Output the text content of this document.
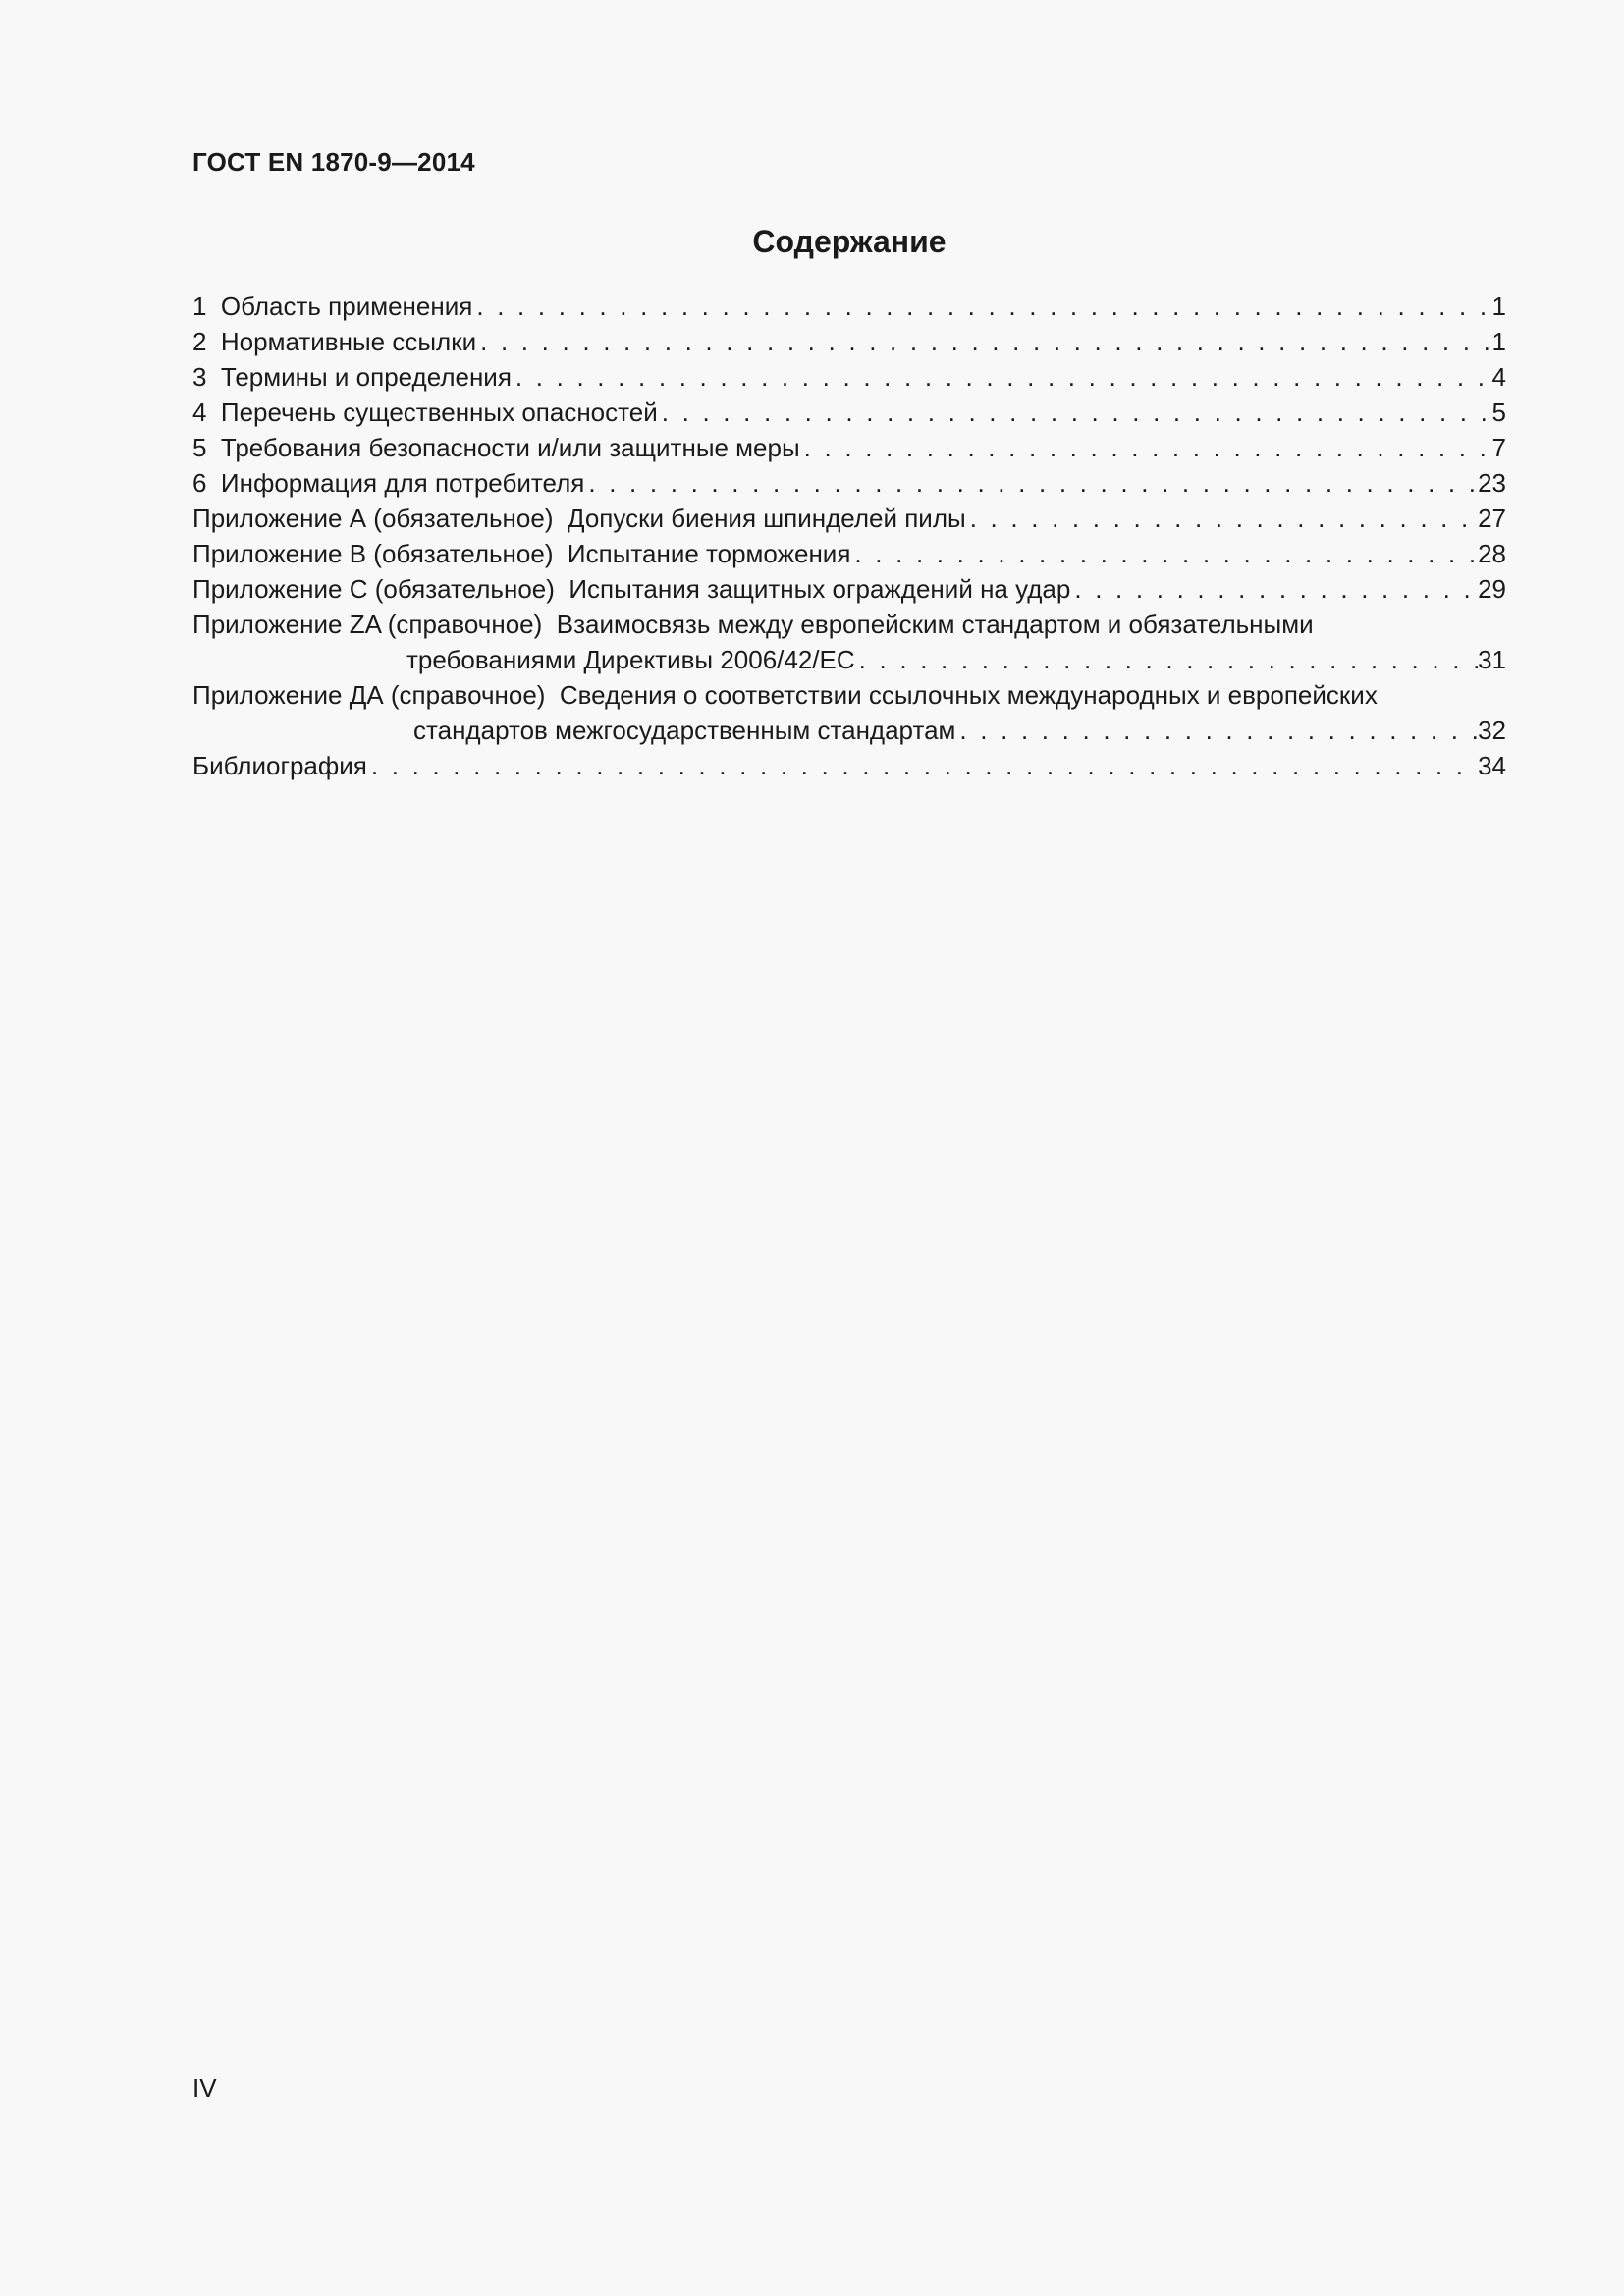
ГОСТ EN 1870-9—2014
Содержание
1  Область применения . . .	1
2  Нормативные ссылки . . .	1
3  Термины и определения . . .	4
4  Перечень существенных опасностей . . .	5
5  Требования безопасности и/или защитные меры . . .	7
6  Информация для потребителя . . .	23
Приложение А (обязательное)  Допуски биения шпинделей пилы . . .	27
Приложение В (обязательное)  Испытание торможения . . .	28
Приложение С (обязательное)  Испытания защитных ограждений на удар . . .	29
Приложение ZA (справочное)  Взаимосвязь между европейским стандартом и обязательными
требованиями Директивы 2006/42/ЕС . . .	31
Приложение ДА (справочное)  Сведения о соответствии ссылочных международных и европейских
стандартов межгосударственным стандартам . . .	32
Библиография . . .	34
IV
